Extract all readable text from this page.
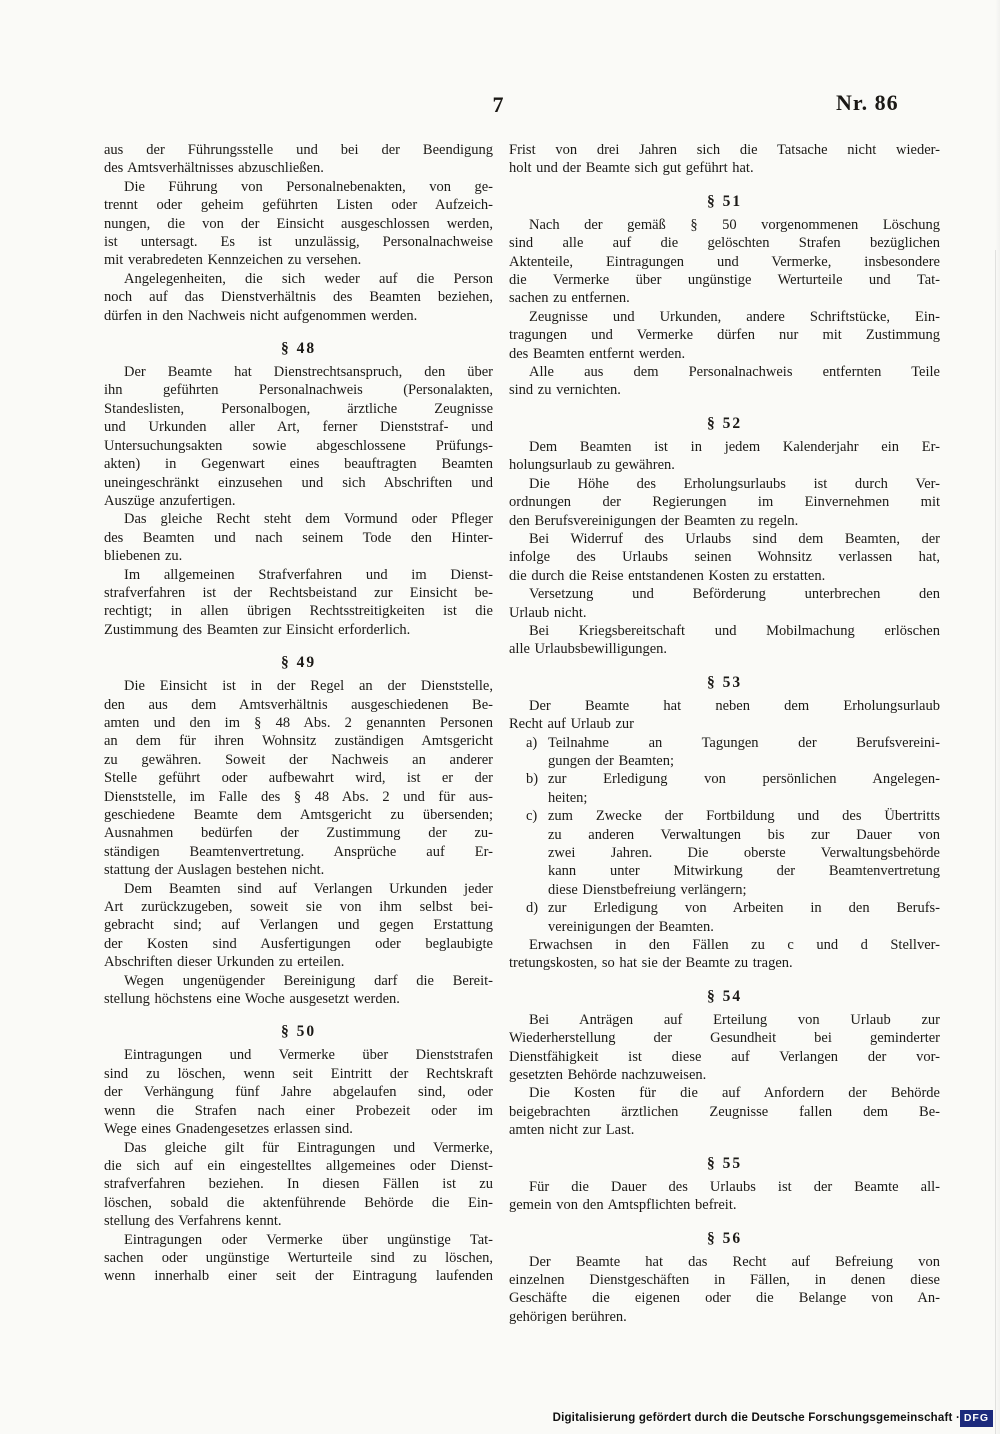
7	Nr. 86
aus der Führungsstelle und bei der Beendigung
des Amtsverhältnisses abzuschließen.
Die Führung von Personalnebenakten, von ge-
trennt oder geheim geführten Listen oder Aufzeich-
nungen, die von der Einsicht ausgeschlossen werden,
ist untersagt. Es ist unzulässig, Personalnachweise
mit verabredeten Kennzeichen zu versehen.
Angelegenheiten, die sich weder auf die Person
noch auf das Dienstverhältnis des Beamten beziehen,
dürfen in den Nachweis nicht aufgenommen werden.
§ 48
Der Beamte hat Dienstrechtsanspruch, den über
ihn geführten Personalnachweis (Personalakten,
Standeslisten, Personalbogen, ärztliche Zeugnisse
und Urkunden aller Art, ferner Dienststraf- und
Untersuchungsakten sowie abgeschlossene Prüfungs-
akten) in Gegenwart eines beauftragten Beamten
uneingeschränkt einzusehen und sich Abschriften und
Auszüge anzufertigen.
Das gleiche Recht steht dem Vormund oder Pfleger
des Beamten und nach seinem Tode den Hinter-
bliebenen zu.
Im allgemeinen Strafverfahren und im Dienst-
strafverfahren ist der Rechtsbeistand zur Einsicht be-
rechtigt; in allen übrigen Rechtsstreitigkeiten ist die
Zustimmung des Beamten zur Einsicht erforderlich.
§ 49
Die Einsicht ist in der Regel an der Dienststelle,
den aus dem Amtsverhältnis ausgeschiedenen Be-
amten und den im § 48 Abs. 2 genannten Personen
an dem für ihren Wohnsitz zuständigen Amtsgericht
zu gewähren. Soweit der Nachweis an anderer
Stelle geführt oder aufbewahrt wird, ist er der
Dienststelle, im Falle des § 48 Abs. 2 und für aus-
geschiedene Beamte dem Amtsgericht zu übersenden;
Ausnahmen bedürfen der Zustimmung der zu-
ständigen Beamtenvertretung. Ansprüche auf Er-
stattung der Auslagen bestehen nicht.
Dem Beamten sind auf Verlangen Urkunden jeder
Art zurückzugeben, soweit sie von ihm selbst bei-
gebracht sind; auf Verlangen und gegen Erstattung
der Kosten sind Ausfertigungen oder beglaubigte
Abschriften dieser Urkunden zu erteilen.
Wegen ungenügender Bereinigung darf die Bereit-
stellung höchstens eine Woche ausgesetzt werden.
§ 50
Eintragungen und Vermerke über Dienststrafen
sind zu löschen, wenn seit Eintritt der Rechtskraft
der Verhängung fünf Jahre abgelaufen sind, oder
wenn die Strafen nach einer Probezeit oder im
Wege eines Gnadengesetzes erlassen sind.
Das gleiche gilt für Eintragungen und Vermerke,
die sich auf ein eingestelltes allgemeines oder Dienst-
strafverfahren beziehen. In diesen Fällen ist zu
löschen, sobald die aktenführende Behörde die Ein-
stellung des Verfahrens kennt.
Eintragungen oder Vermerke über ungünstige Tat-
sachen oder ungünstige Werturteile sind zu löschen,
wenn innerhalb einer seit der Eintragung laufenden
Frist von drei Jahren sich die Tatsache nicht wieder-
holt und der Beamte sich gut geführt hat.
§ 51
Nach der gemäß § 50 vorgenommenen Löschung
sind alle auf die gelöschten Strafen bezüglichen
Aktenteile, Eintragungen und Vermerke, insbesondere
die Vermerke über ungünstige Werturteile und Tat-
sachen zu entfernen.
Zeugnisse und Urkunden, andere Schriftstücke, Ein-
tragungen und Vermerke dürfen nur mit Zustimmung
des Beamten entfernt werden.
Alle aus dem Personalnachweis entfernten Teile
sind zu vernichten.
§ 52
Dem Beamten ist in jedem Kalenderjahr ein Er-
holungsurlaub zu gewähren.
Die Höhe des Erholungsurlaubs ist durch Ver-
ordnungen der Regierungen im Einvernehmen mit
den Berufsvereinigungen der Beamten zu regeln.
Bei Widerruf des Urlaubs sind dem Beamten, der
infolge des Urlaubs seinen Wohnsitz verlassen hat,
die durch die Reise entstandenen Kosten zu erstatten.
Versetzung und Beförderung unterbrechen den
Urlaub nicht.
Bei Kriegsbereitschaft und Mobilmachung erlöschen
alle Urlaubsbewilligungen.
§ 53
Der Beamte hat neben dem Erholungsurlaub
Recht auf Urlaub zur
a) Teilnahme an Tagungen der Berufsvereini-
gungen der Beamten;
b) zur Erledigung von persönlichen Angelegen-
heiten;
c) zum Zwecke der Fortbildung und des Übertritts
zu anderen Verwaltungen bis zur Dauer von
zwei Jahren. Die oberste Verwaltungsbehörde
kann unter Mitwirkung der Beamtenvertretung
diese Dienstbefreiung verlängern;
d) zur Erledigung von Arbeiten in den Berufs-
vereinigungen der Beamten.
Erwachsen in den Fällen zu c und d Stellver-
tretungskosten, so hat sie der Beamte zu tragen.
§ 54
Bei Anträgen auf Erteilung von Urlaub zur
Wiederherstellung der Gesundheit bei geminderter
Dienstfähigkeit ist diese auf Verlangen der vor-
gesetzten Behörde nachzuweisen.
Die Kosten für die auf Anfordern der Behörde
beigebrachten ärztlichen Zeugnisse fallen dem Be-
amten nicht zur Last.
§ 55
Für die Dauer des Urlaubs ist der Beamte all-
gemein von den Amtspflichten befreit.
§ 56
Der Beamte hat das Recht auf Befreiung von
einzelnen Dienstgeschäften in Fällen, in denen diese
Geschäfte die eigenen oder die Belange von An-
gehörigen berühren.
Digitalisierung gefördert durch die Deutsche Forschungsgemeinschaft · DFG
